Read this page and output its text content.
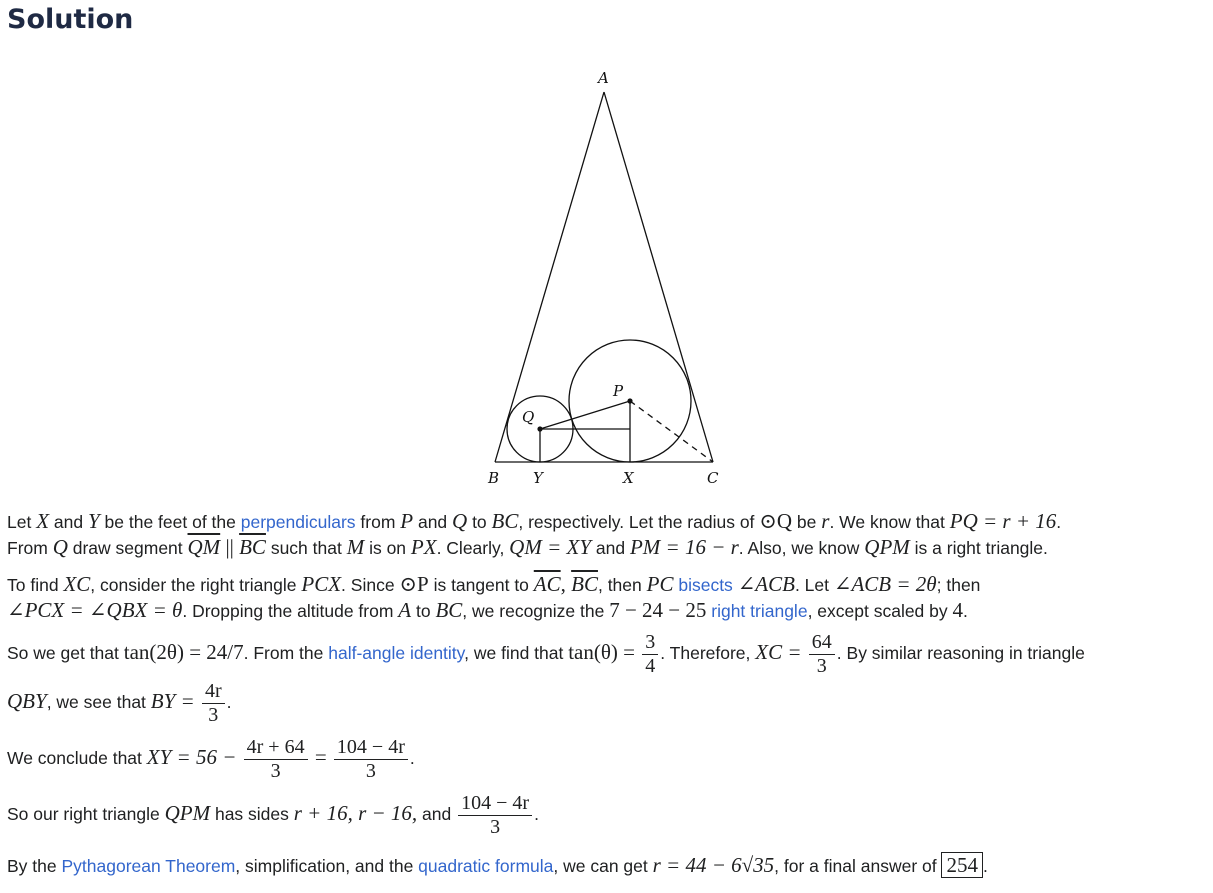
Solution
A
B Y	X	C
P
Q
Let X and Y be the feet of the perpendiculars from P and Q to BC, respectively. Let the radius of ⊙Q be r. We know that PQ = r + 16.
From Q draw segment $\overline{QM}$ || $\overline{BC}$ such that M is on PX. Clearly, QM = XY and PM = 16 − r. Also, we know QPM is a right triangle.
To find XC, consider the right triangle PCX. Since ⊙P is tangent to $\overline{AC}$, $\overline{BC}$, then PC bisects ∠ACB. Let ∠ACB = 2θ; then
∠PCX = ∠QBX = θ. Dropping the altitude from A to BC, we recognize the 7 − 24 − 25 right triangle, except scaled by 4.
So we get that tan(2θ) = 24/7. From the half-angle identity, we find that $\tan(\theta) = \frac{3}{4}$ . Therefore, XC = $\frac{64}{3}$ . By similar reasoning in triangle
QBY, we see that BY = $\frac{4r}{3}$ .
We conclude that XY = $56 - \frac{4r + 64}{3} = \frac{104 - 4r}{3}$ .
So our right triangle QPM has sides r + 16, r − 16, and $\frac{104 - 4r}{3}$ .
By the Pythagorean Theorem, simplification, and the quadratic formula, we can get r = 44 − 6√35, for a final answer of 254 .
